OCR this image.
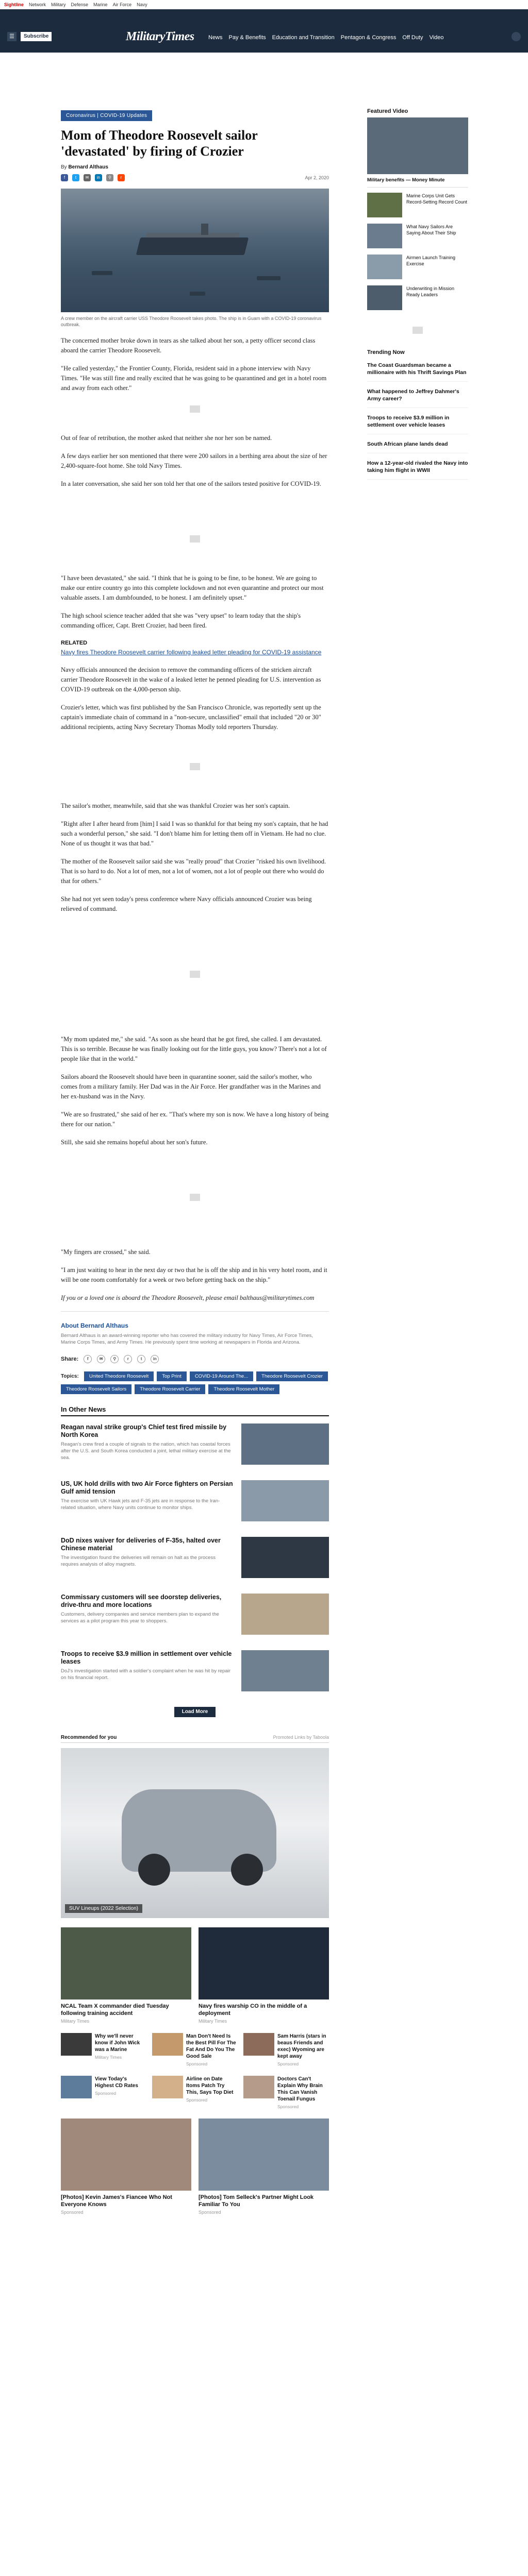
Sightline Network Military Defense Marine Air Force Navy
☰	Subscribe	MilitaryTimes News Pay & Benefits Education and Transition Pentagon & Congress Off Duty Video
Coronavirus | COVID-19 Updates
Mom of Theodore Roosevelt sailor 'devastated' by firing of Crozier
By Bernard Althaus
f	t	✉	in	⚲	r	Apr 2, 2020
A crew member on the aircraft carrier USS Theodore Roosevelt takes photo. The ship is in Guam with a COVID-19 coronavirus outbreak.

The concerned mother broke down in tears as she talked about her son, a petty officer second class aboard the carrier Theodore Roosevelt.

"He called yesterday," the Frontier County, Florida, resident said in a phone interview with Navy Times. "He was still fine and really excited that he was going to be quarantined and get in a hotel room and away from each other."

Out of fear of retribution, the mother asked that neither she nor her son be named.

A few days earlier her son mentioned that there were 200 sailors in a berthing area about the size of her 2,400-square-foot home. She told Navy Times.

In a later conversation, she said her son told her that one of the sailors tested positive for COVID-19.

"I have been devastated," she said. "I think that he is going to be fine, to be honest. We are going to make our entire country go into this complete lockdown and not even quarantine and protect our most valuable assets. I am dumbfounded, to be honest. I am definitely upset."

The high school science teacher added that she was "very upset" to learn today that the ship's commanding officer, Capt. Brett Crozier, had been fired.

RELATED
Navy fires Theodore Roosevelt carrier following leaked letter pleading for COVID-19 assistance

Navy officials announced the decision to remove the commanding officers of the stricken aircraft carrier Theodore Roosevelt in the wake of a leaked letter he penned pleading for U.S. intervention as COVID-19 outbreak on the 4,000-person ship.

Crozier's letter, which was first published by the San Francisco Chronicle, was reportedly sent up the captain's immediate chain of command in a "non-secure, unclassified" email that included "20 or 30" additional recipients, acting Navy Secretary Thomas Modly told reporters Thursday.

The sailor's mother, meanwhile, said that she was thankful Crozier was her son's captain.

"Right after I after heard from [him] I said I was so thankful for that being my son's captain, that he had such a wonderful person," she said. "I don't blame him for letting them off in Vietnam. He had no clue. None of us thought it was that bad."

The mother of the Roosevelt sailor said she was "really proud" that Crozier "risked his own livelihood. That is so hard to do. Not a lot of men, not a lot of women, not a lot of people out there who would do that for others."

She had not yet seen today's press conference where Navy officials announced Crozier was being relieved of command.

"My mom updated me," she said. "As soon as she heard that he got fired, she called. I am devastated. This is so terrible. Because he was finally looking out for the little guys, you know? There's not a lot of people like that in the world."

Sailors aboard the Roosevelt should have been in quarantine sooner, said the sailor's mother, who comes from a military family. Her Dad was in the Air Force. Her grandfather was in the Marines and her ex-husband was in the Navy.

"We are so frustrated," she said of her ex. "That's where my son is now. We have a long history of being there for our nation."

Still, she said she remains hopeful about her son's future.

"My fingers are crossed," she said.

"I am just waiting to hear in the next day or two that he is off the ship and in his very hotel room, and it will be one room comfortably for a week or two before getting back on the ship."

If you or a loved one is aboard the Theodore Roosevelt, please email balthaus@militarytimes.com

About Bernard Althaus
Bernard Althaus is an award-winning reporter who has covered the military industry for Navy Times, Air Force Times, Marine Corps Times, and Army Times. He previously spent time working at newspapers in Florida and Arizona.
Share:	f	✉	⚲	r	t	in
Topics:	United Theodore Roosevelt	Top Print	COVID-19 Around The...	Theodore Roosevelt Crozier
Theodore Roosevelt Sailors	Theodore Roosevelt Carrier	Theodore Roosevelt Mother
In Other News
Reagan naval strike group's Chief test fired missile by North Korea
Reagan's crew fired a couple of signals to the nation, which has coastal forces after the U.S. and South Korea conducted a joint, lethal military exercise at the sea.
US, UK hold drills with two Air Force fighters on Persian Gulf amid tension
The exercise with UK Hawk jets and F-35 jets are in response to the Iran-related situation, where Navy units continue to monitor ships.
DoD nixes waiver for deliveries of F-35s, halted over Chinese material
The investigation found the deliveries will remain on halt as the process requires analysis of alloy magnets.
Commissary customers will see doorstep deliveries, drive-thru and more locations
Customers, delivery companies and service members plan to expand the services as a pilot program this year to shoppers.
Troops to receive $3.9 million in settlement over vehicle leases
DoJ's investigation started with a soldier's complaint when he was hit by repair on his financial report.
Load More
Recommended for you	Promoted Links by Taboola
SUV Lineups (2022 Selection)
NCAL Team X commander died Tuesday following training accident
Military Times
Navy fires warship CO in the middle of a deployment
Military Times
Why we'll never know if John Wick was a Marine
Military Times
Man Don't Need Is the Best Pill For The Fat And Do You The Good Sale
Sponsored
Sam Harris (stars in beaus Friends and exec) Wyoming are kept away
Sponsored
View Today's Highest CD Rates
Sponsored
Airline on Date Itoms Patch Try This, Says Top Diet
Sponsored
Doctors Can't Explain Why Brain This Can Vanish Toenail Fungus
Sponsored
[Photos] Kevin James's Fiancee Who Not Everyone Knows
Sponsored
[Photos] Tom Selleck's Partner Might Look Familiar To You
Sponsored
Featured Video
Military benefits — Money Minute
Marine Corps Unit Gets Record-Setting Record Count
What Navy Sailors Are Saying About Their Ship
Airmen Launch Training Exercise
Underwriting in Mission Ready Leaders
Trending Now
The Coast Guardsman became a millionaire with his Thrift Savings Plan
What happened to Jeffrey Dahmer's Army career?
Troops to receive $3.9 million in settlement over vehicle leases
South African plane lands dead
How a 12-year-old rivaled the Navy into taking him flight in WWII
